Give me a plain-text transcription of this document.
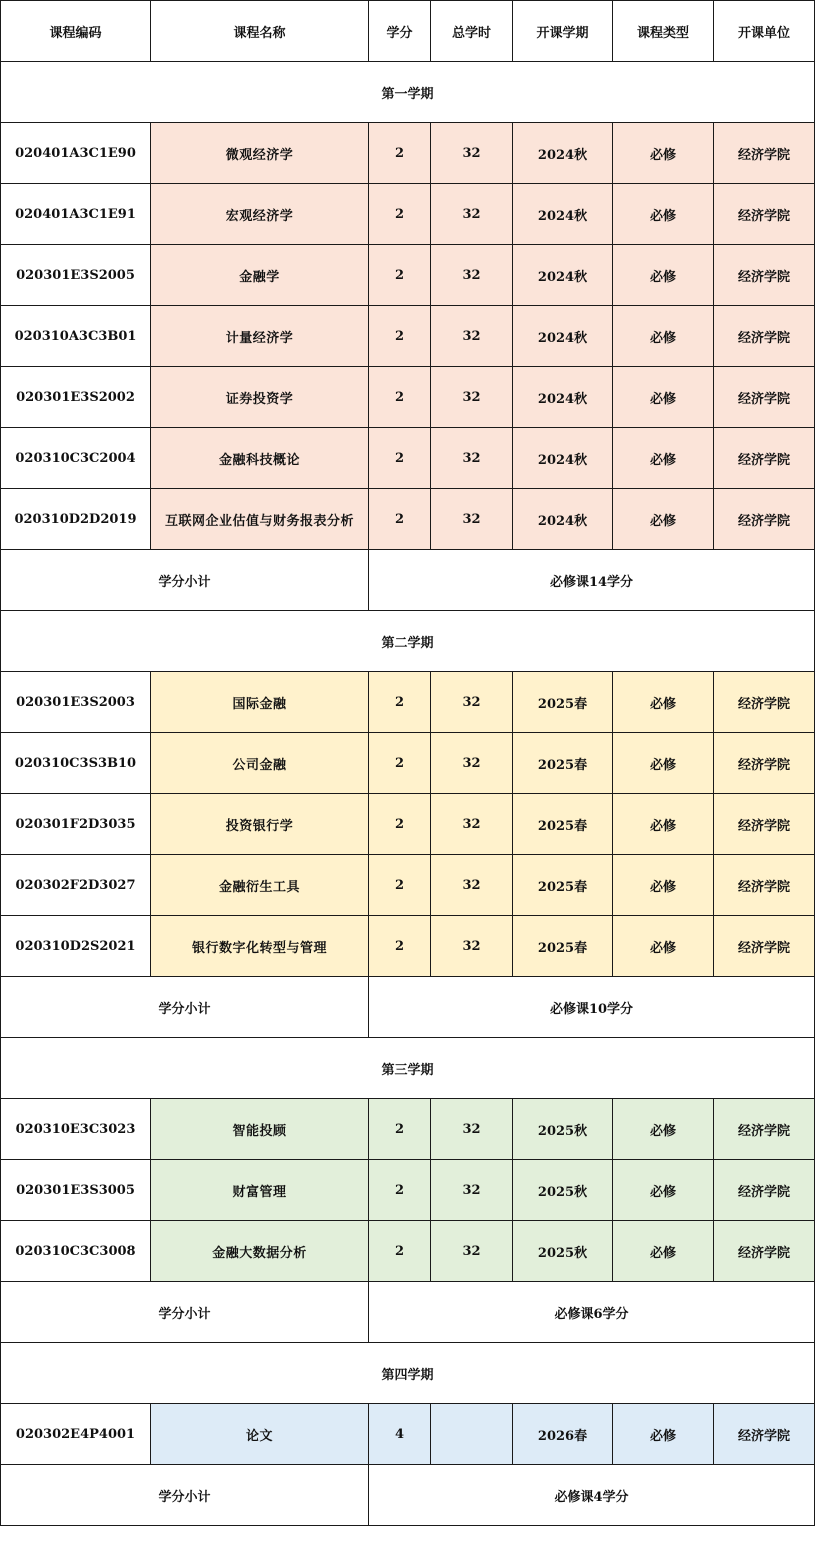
课程编码	课程名称	学分	总学时	开课学期	课程类型	开课单位
第一学期						
020401A3C1E90	微观经济学	2	32	2024秋	必修	经济学院
020401A3C1E91	宏观经济学	2	32	2024秋	必修	经济学院
020301E3S2005	金融学	2	32	2024秋	必修	经济学院
020310A3C3B01	计量经济学	2	32	2024秋	必修	经济学院
020301E3S2002	证券投资学	2	32	2024秋	必修	经济学院
020310C3C2004	金融科技概论	2	32	2024秋	必修	经济学院
020310D2D2019	互联网企业估值与财务报表分析	2	32	2024秋	必修	经济学院
学分小计		必修课14学分				
第二学期						
020301E3S2003	国际金融	2	32	2025春	必修	经济学院
020310C3S3B10	公司金融	2	32	2025春	必修	经济学院
020301F2D3035	投资银行学	2	32	2025春	必修	经济学院
020302F2D3027	金融衍生工具	2	32	2025春	必修	经济学院
020310D2S2021	银行数字化转型与管理	2	32	2025春	必修	经济学院
学分小计		必修课10学分				
第三学期						
020310E3C3023	智能投顾	2	32	2025秋	必修	经济学院
020301E3S3005	财富管理	2	32	2025秋	必修	经济学院
020310C3C3008	金融大数据分析	2	32	2025秋	必修	经济学院
学分小计		必修课6学分				
第四学期						
020302E4P4001	论文	4		2026春	必修	经济学院
学分小计		必修课4学分				
